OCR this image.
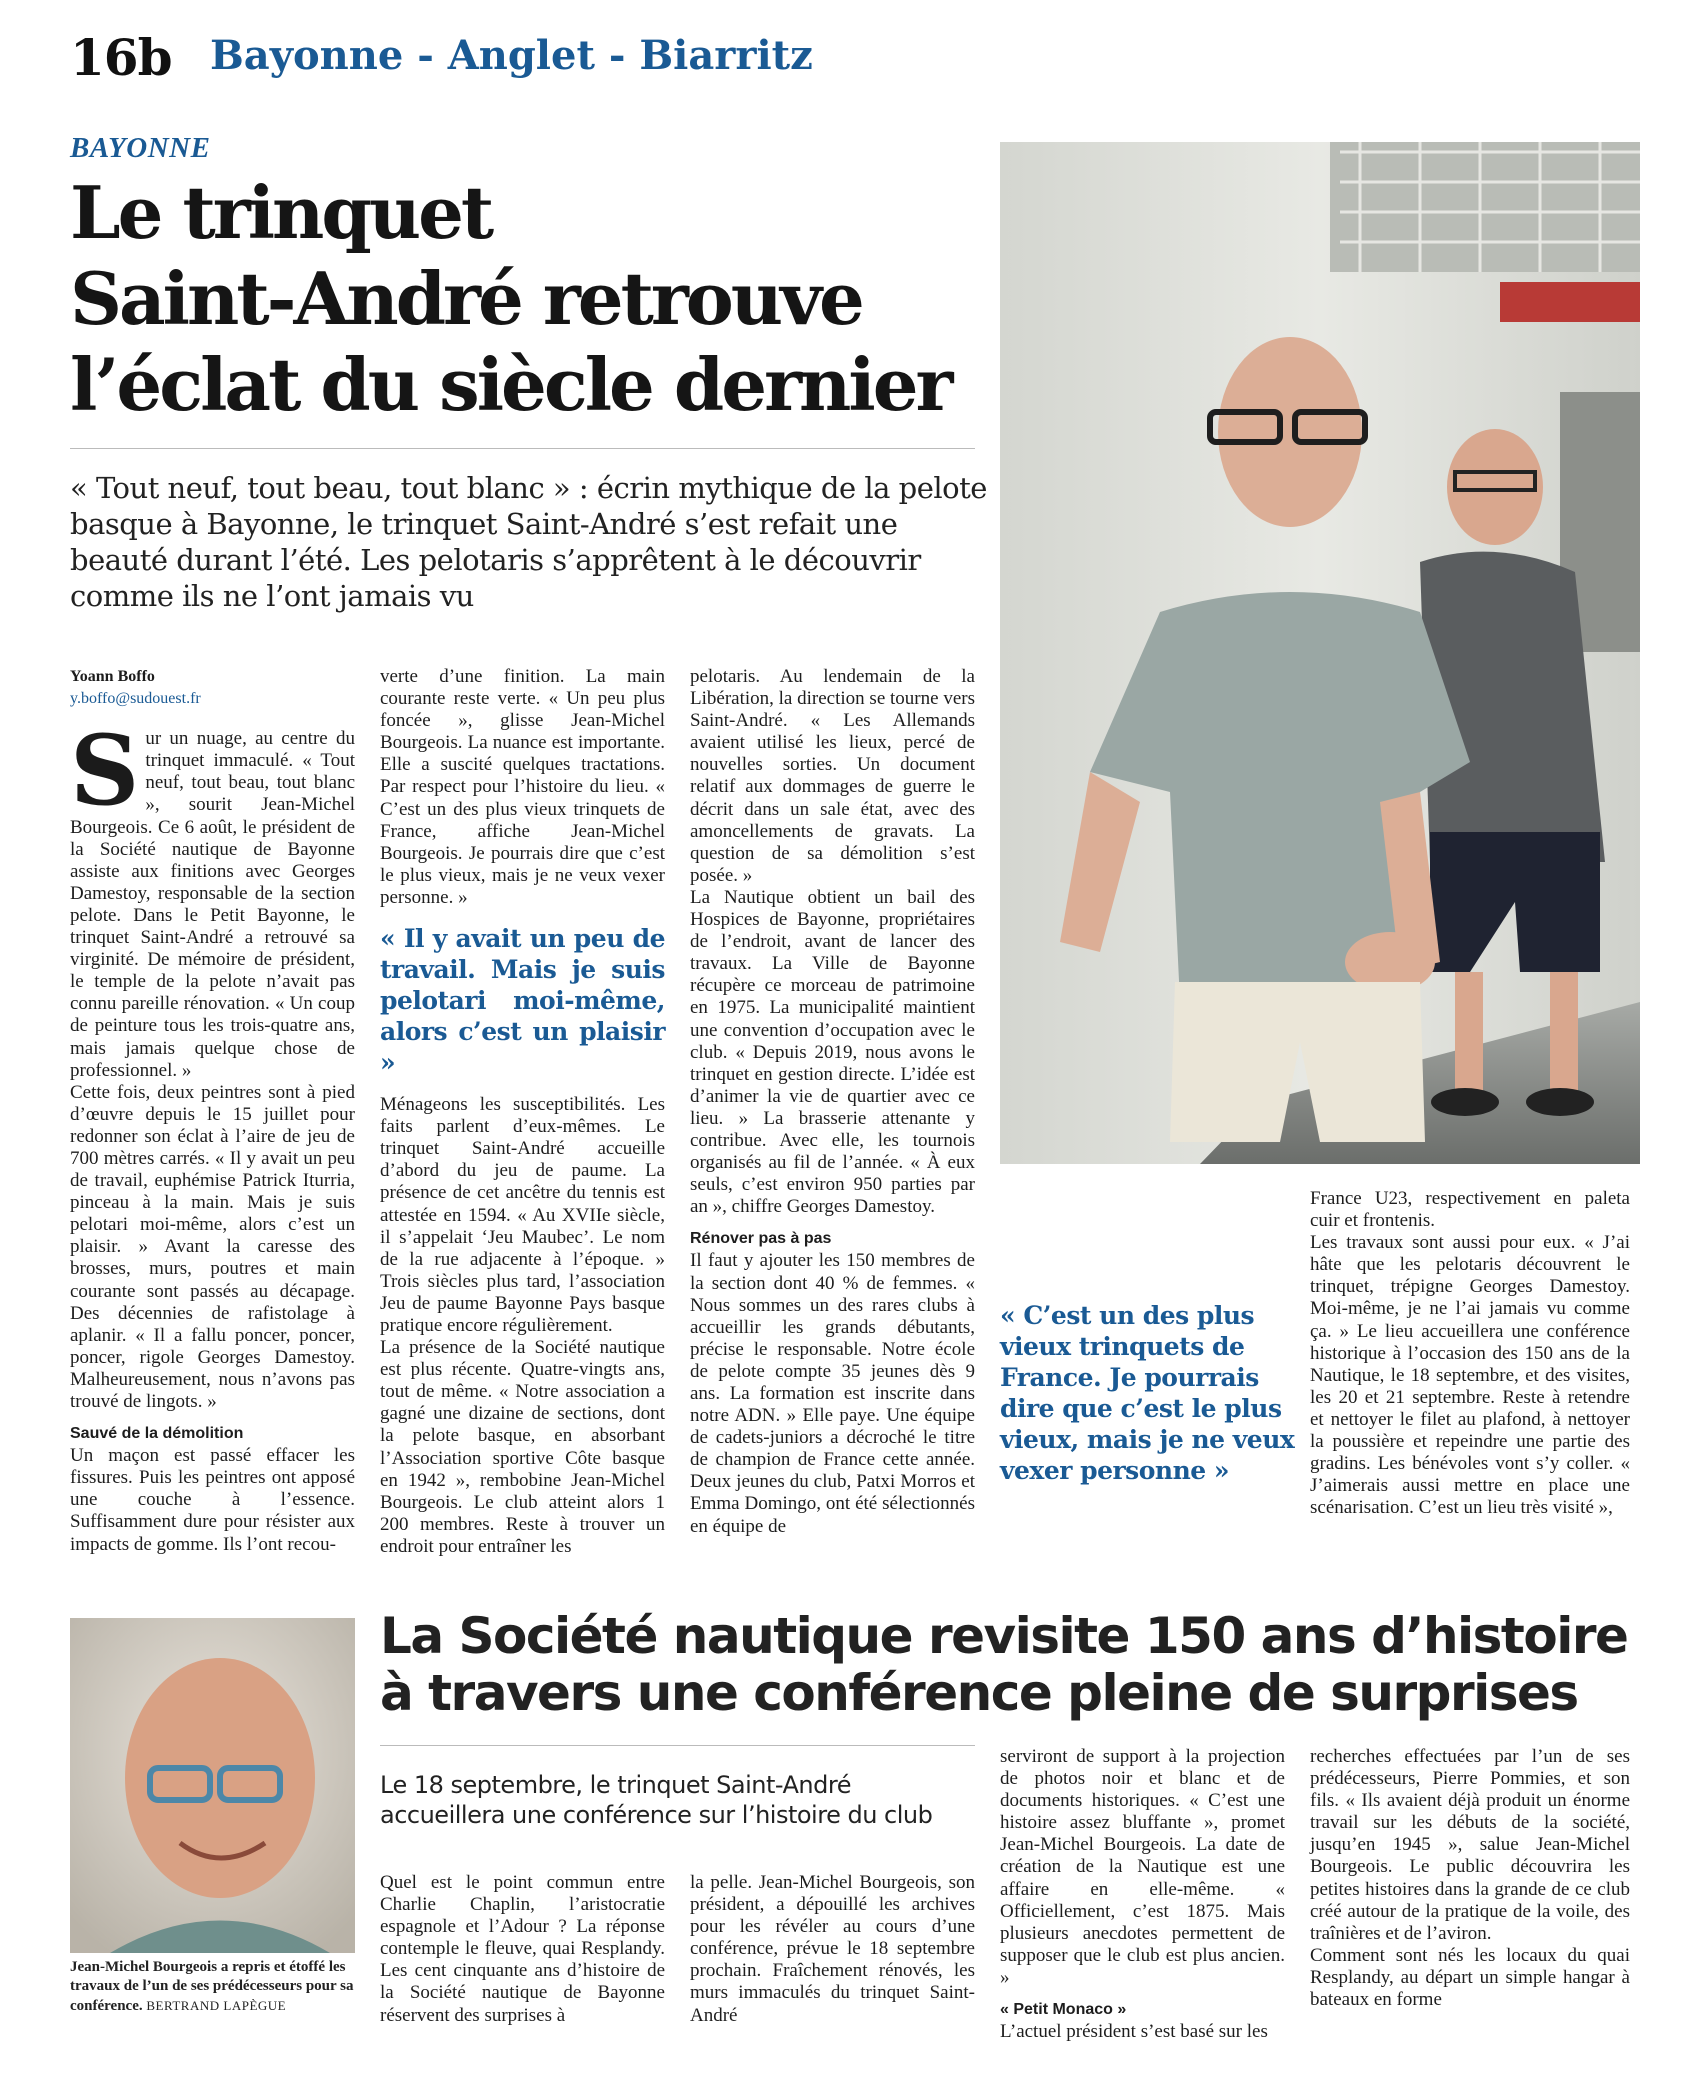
16b Bayonne - Anglet - Biarritz
BAYONNE
Le trinquet
Saint-André retrouve
l’éclat du siècle dernier
« Tout neuf, tout beau, tout blanc » : écrin mythique de la pelote basque à Bayonne, le trinquet Saint-André s’est refait une beauté durant l’été. Les pelotaris s’apprêtent à le découvrir comme ils ne l’ont jamais vu
Yoann Boffo
y.boffo@sudouest.fr

Sur un nuage, au centre du trinquet immaculé. « Tout neuf, tout beau, tout blanc », sourit Jean-Michel Bourgeois. Ce 6 août, le président de la Société nautique de Bayonne assiste aux finitions avec Georges Damestoy, responsable de la section pelote. Dans le Petit Bayonne, le trinquet Saint-André a retrouvé sa virginité. De mémoire de président, le temple de la pelote n’avait pas connu pareille rénovation. « Un coup de peinture tous les trois-quatre ans, mais jamais quelque chose de professionnel. »

Cette fois, deux peintres sont à pied d’œuvre depuis le 15 juillet pour redonner son éclat à l’aire de jeu de 700 mètres carrés. « Il y avait un peu de travail, euphémise Patrick Iturria, pinceau à la main. Mais je suis pelotari moi-même, alors c’est un plaisir. » Avant la caresse des brosses, murs, poutres et main courante sont passés au décapage. Des décennies de rafistolage à aplanir. « Il a fallu poncer, poncer, poncer, rigole Georges Damestoy. Malheureusement, nous n’avons pas trouvé de lingots. »

Sauvé de la démolition

Un maçon est passé effacer les fissures. Puis les peintres ont apposé une couche à l’essence. Suffisamment dure pour résister aux impacts de gomme. Ils l’ont recou-

verte d’une finition. La main courante reste verte. « Un peu plus foncée », glisse Jean-Michel Bourgeois. La nuance est importante. Elle a suscité quelques tractations. Par respect pour l’histoire du lieu. « C’est un des plus vieux trinquets de France, affiche Jean-Michel Bourgeois. Je pourrais dire que c’est le plus vieux, mais je ne veux vexer personne. »

« Il y avait un peu de travail. Mais je suis pelotari moi-même, alors c’est un plaisir »

Ménageons les susceptibilités. Les faits parlent d’eux-mêmes. Le trinquet Saint-André accueille d’abord du jeu de paume. La présence de cet ancêtre du tennis est attestée en 1594. « Au XVIIe siècle, il s’appelait ‘Jeu Maubec’. Le nom de la rue adjacente à l’époque. » Trois siècles plus tard, l’association Jeu de paume Bayonne Pays basque pratique encore régulièrement.

La présence de la Société nautique est plus récente. Quatre-vingts ans, tout de même. « Notre association a gagné une dizaine de sections, dont la pelote basque, en absorbant l’Association sportive Côte basque en 1942 », rembobine Jean-Michel Bourgeois. Le club atteint alors 1 200 membres. Reste à trouver un endroit pour entraîner les

pelotaris. Au lendemain de la Libération, la direction se tourne vers Saint-André. « Les Allemands avaient utilisé les lieux, percé de nouvelles sorties. Un document relatif aux dommages de guerre le décrit dans un sale état, avec des amoncellements de gravats. La question de sa démolition s’est posée. »

La Nautique obtient un bail des Hospices de Bayonne, propriétaires de l’endroit, avant de lancer des travaux. La Ville de Bayonne récupère ce morceau de patrimoine en 1975. La municipalité maintient une convention d’occupation avec le club. « Depuis 2019, nous avons le trinquet en gestion directe. L’idée est d’animer la vie de quartier avec ce lieu. » La brasserie attenante y contribue. Avec elle, les tournois organisés au fil de l’année. « À eux seuls, c’est environ 950 parties par an », chiffre Georges Damestoy.

Rénover pas à pas

Il faut y ajouter les 150 membres de la section dont 40 % de femmes. « Nous sommes un des rares clubs à accueillir les grands débutants, précise le responsable. Notre école de pelote compte 35 jeunes dès 9 ans. La formation est inscrite dans notre ADN. » Elle paye. Une équipe de cadets-juniors a décroché le titre de champion de France cette année. Deux jeunes du club, Patxi Morros et Emma Domingo, ont été sélectionnés en équipe de

« C’est un des plus vieux trinquets de France. Je pourrais dire que c’est le plus vieux, mais je ne veux vexer personne »

France U23, respectivement en paleta cuir et frontenis.

Les travaux sont aussi pour eux. « J’ai hâte que les pelotaris découvrent le trinquet, trépigne Georges Damestoy. Moi-même, je ne l’ai jamais vu comme ça. » Le lieu accueillera une conférence historique à l’occasion des 150 ans de la Nautique, le 18 septembre, et des visites, les 20 et 21 septembre. Reste à retendre et nettoyer le filet au plafond, à nettoyer la poussière et repeindre une partie des gradins. Les bénévoles vont s’y coller. « J’aimerais aussi mettre en place une scénarisation. C’est un lieu très visité »,

Jean-Michel Bourgeois a repris et étoffé les travaux de l’un de ses prédécesseurs pour sa conférence. BERTRAND LAPÈGUE
La Société nautique revisite 150 ans d’histoire
à travers une conférence pleine de surprises
Le 18 septembre, le trinquet Saint-André accueillera une conférence sur l’histoire du club

Quel est le point commun entre Charlie Chaplin, l’aristocratie espagnole et l’Adour ? La réponse contemple le fleuve, quai Resplandy. Les cent cinquante ans d’histoire de la Société nautique de Bayonne réservent des surprises à

la pelle. Jean-Michel Bourgeois, son président, a dépouillé les archives pour les révéler au cours d’une conférence, prévue le 18 septembre prochain. Fraîchement rénovés, les murs immaculés du trinquet Saint-André

serviront de support à la projection de photos noir et blanc et de documents historiques. « C’est une histoire assez bluffante », promet Jean-Michel Bourgeois. La date de création de la Nautique est une affaire en elle-même. « Officiellement, c’est 1875. Mais plusieurs anecdotes permettent de supposer que le club est plus ancien. »

« Petit Monaco »

L’actuel président s’est basé sur les

recherches effectuées par l’un de ses prédécesseurs, Pierre Pommies, et son fils. « Ils avaient déjà produit un énorme travail sur les débuts de la société, jusqu’en 1945 », salue Jean-Michel Bourgeois. Le public découvrira les petites histoires dans la grande de ce club créé autour de la pratique de la voile, des traînières et de l’aviron.

Comment sont nés les locaux du quai Resplandy, au départ un simple hangar à bateaux en forme
